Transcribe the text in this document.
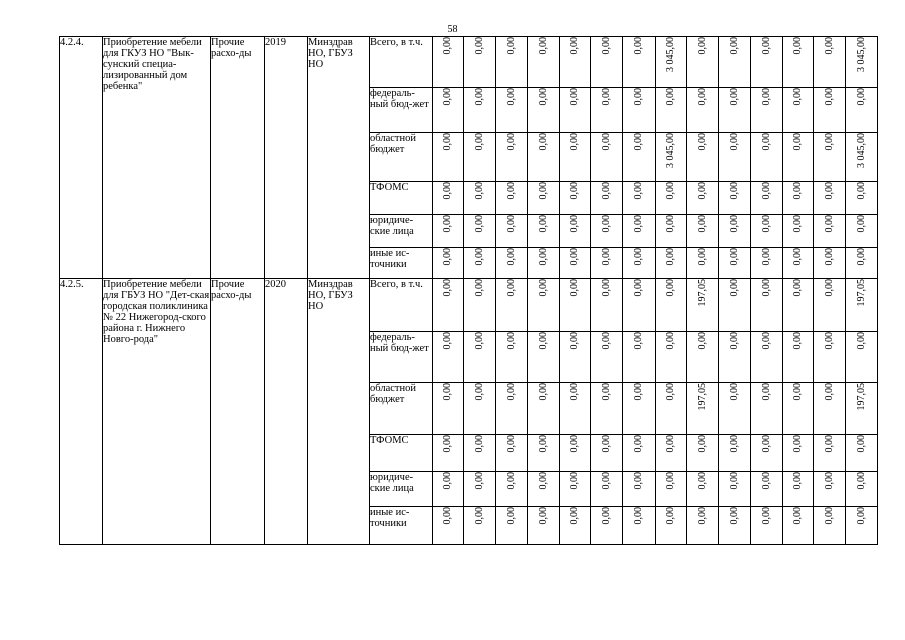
58
4.2.4.	Приобретение мебели для ГКУЗ НО "Вык-сунский специа-лизированный дом ребенка"	Прочие расхо-ды	2019	Минздрав НО, ГБУЗ НО	Всего, в т.ч.	0,00	0,00	0,00	0,00	0,00	0,00	0,00	3 045,00	0,00	0,00	0,00	0,00	0,00	3 045,00
					федераль-ный бюд-жет	0,00	0,00	0,00	0,00	0,00	0,00	0,00	0,00	0,00	0,00	0,00	0,00	0,00	0,00
					областной бюджет	0,00	0,00	0,00	0,00	0,00	0,00	0,00	3 045,00	0,00	0,00	0,00	0,00	0,00	3 045,00
					ТФОМС	0,00	0,00	0,00	0,00	0,00	0,00	0,00	0,00	0,00	0,00	0,00	0,00	0,00	0,00
					юридиче-ские лица	0,00	0,00	0,00	0,00	0,00	0,00	0,00	0,00	0,00	0,00	0,00	0,00	0,00	0,00
					иные ис-точники	0,00	0,00	0,00	0,00	0,00	0,00	0,00	0,00	0,00	0,00	0,00	0,00	0,00	0,00
4.2.5.	Приобретение мебели для ГБУЗ НО "Дет-ская городская поликлиника № 22 Нижегород-ского района г. Нижнего Новго-рода"	Прочие расхо-ды	2020	Минздрав НО, ГБУЗ НО	Всего, в т.ч.	0,00	0,00	0,00	0,00	0,00	0,00	0,00	0,00	197,05	0,00	0,00	0,00	0,00	197,05
					федераль-ный бюд-жет	0,00	0,00	0,00	0,00	0,00	0,00	0,00	0,00	0,00	0,00	0,00	0,00	0,00	0,00
					областной бюджет	0,00	0,00	0,00	0,00	0,00	0,00	0,00	0,00	197,05	0,00	0,00	0,00	0,00	197,05
					ТФОМС	0,00	0,00	0,00	0,00	0,00	0,00	0,00	0,00	0,00	0,00	0,00	0,00	0,00	0,00
					юридиче-ские лица	0,00	0,00	0,00	0,00	0,00	0,00	0,00	0,00	0,00	0,00	0,00	0,00	0,00	0,00
					иные ис-точники	0,00	0,00	0,00	0,00	0,00	0,00	0,00	0,00	0,00	0,00	0,00	0,00	0,00	0,00
